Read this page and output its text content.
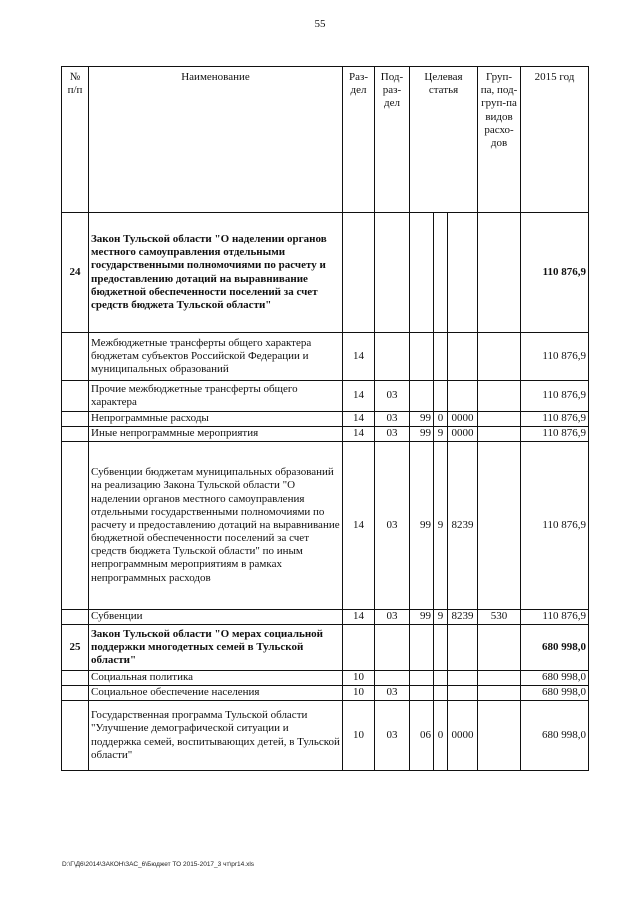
55
№ п/п	Наименование	Раз-дел	Под-раз-дел	Целевая статья			Груп-па, под-груп-па видов расхо-дов	2015 год

24	Закон Тульской области "О наделении органов местного самоуправления отдельными государственными полномочиями по расчету и предоставлению дотаций на выравнивание бюджетной обеспеченности поселений за счет средств бюджета Тульской области"							110 876,9
	Межбюджетные трансферты общего характера бюджетам субъектов Российской Федерации и муниципальных образований	14						110 876,9
	Прочие межбюджетные трансферты общего характера	14	03					110 876,9
	Непрограммные расходы	14	03	99	0	0000		110 876,9
	Иные непрограммные мероприятия	14	03	99	9	0000		110 876,9
	Субвенции бюджетам муниципальных образований на реализацию Закона Тульской области "О наделении органов местного самоуправления отдельными государственными полномочиями по расчету и предоставлению дотаций на выравнивание бюджетной обеспеченности поселений за счет средств бюджета Тульской области" по иным непрограммным мероприятиям в рамках непрограммных расходов	14	03	99	9	8239		110 876,9
	Субвенции	14	03	99	9	8239	530	110 876,9
25	Закон Тульской области "О мерах социальной поддержки многодетных семей в Тульской области"							680 998,0
	Социальная политика	10						680 998,0
	Социальное обеспечение населения	10	03					680 998,0
	Государственная программа Тульской области "Улучшение демографической ситуации и поддержка семей, воспитывающих детей, в Тульской области"	10	03	06	0	0000		680 998,0
D:\Г\Д6\2014\ЗАКОН\ЗАС_6\Бюджет ТО 2015-2017_3 чт\pr14.xls
